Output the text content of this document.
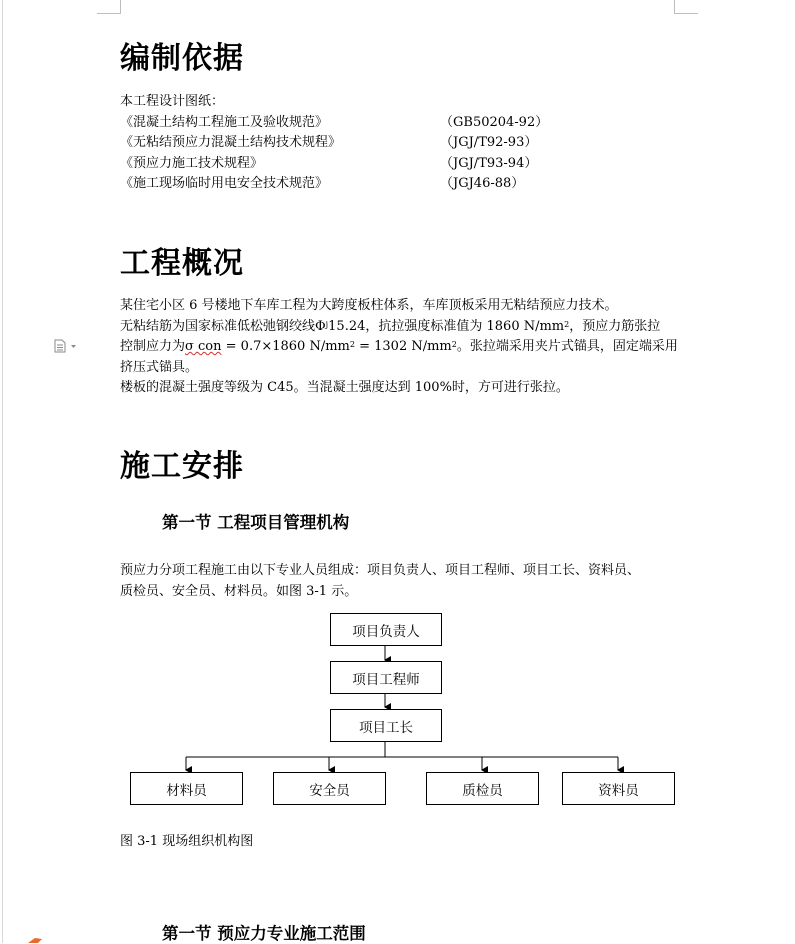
编制依据
本工程设计图纸：
《混凝土结构工程施工及验收规范》	（GB50204-92）
《无粘结预应力混凝土结构技术规程》	（JGJ/T92-93）
《预应力施工技术规程》	（JGJ/T93-94）
《施工现场临时用电安全技术规范》	（JGJ46-88）
工程概况
某住宅小区 6 号楼地下车库工程为大跨度板柱体系，车库顶板采用无粘结预应力技术。
无粘结筋为国家标准低松弛钢绞线$\Phi^j15.24$，抗拉强度标准值为 1860 $N/mm^2$，预应力筋张拉
控制应力为σ con = 0.7×1860 $N/mm^2 = 1302$ $N/mm^2$。张拉端采用夹片式锚具，固定端采用
挤压式锚具。
楼板的混凝土强度等级为 C45。当混凝土强度达到 100%时，方可进行张拉。
施工安排
第一节 工程项目管理机构
预应力分项工程施工由以下专业人员组成：项目负责人、项目工程师、项目工长、资料员、
质检员、安全员、材料员。如图 3-1 示。
项目负责人
项目工程师
项目工长
材料员	安全员	质检员	资料员
图 3-1 现场组织机构图
第一节 预应力专业施工范围
